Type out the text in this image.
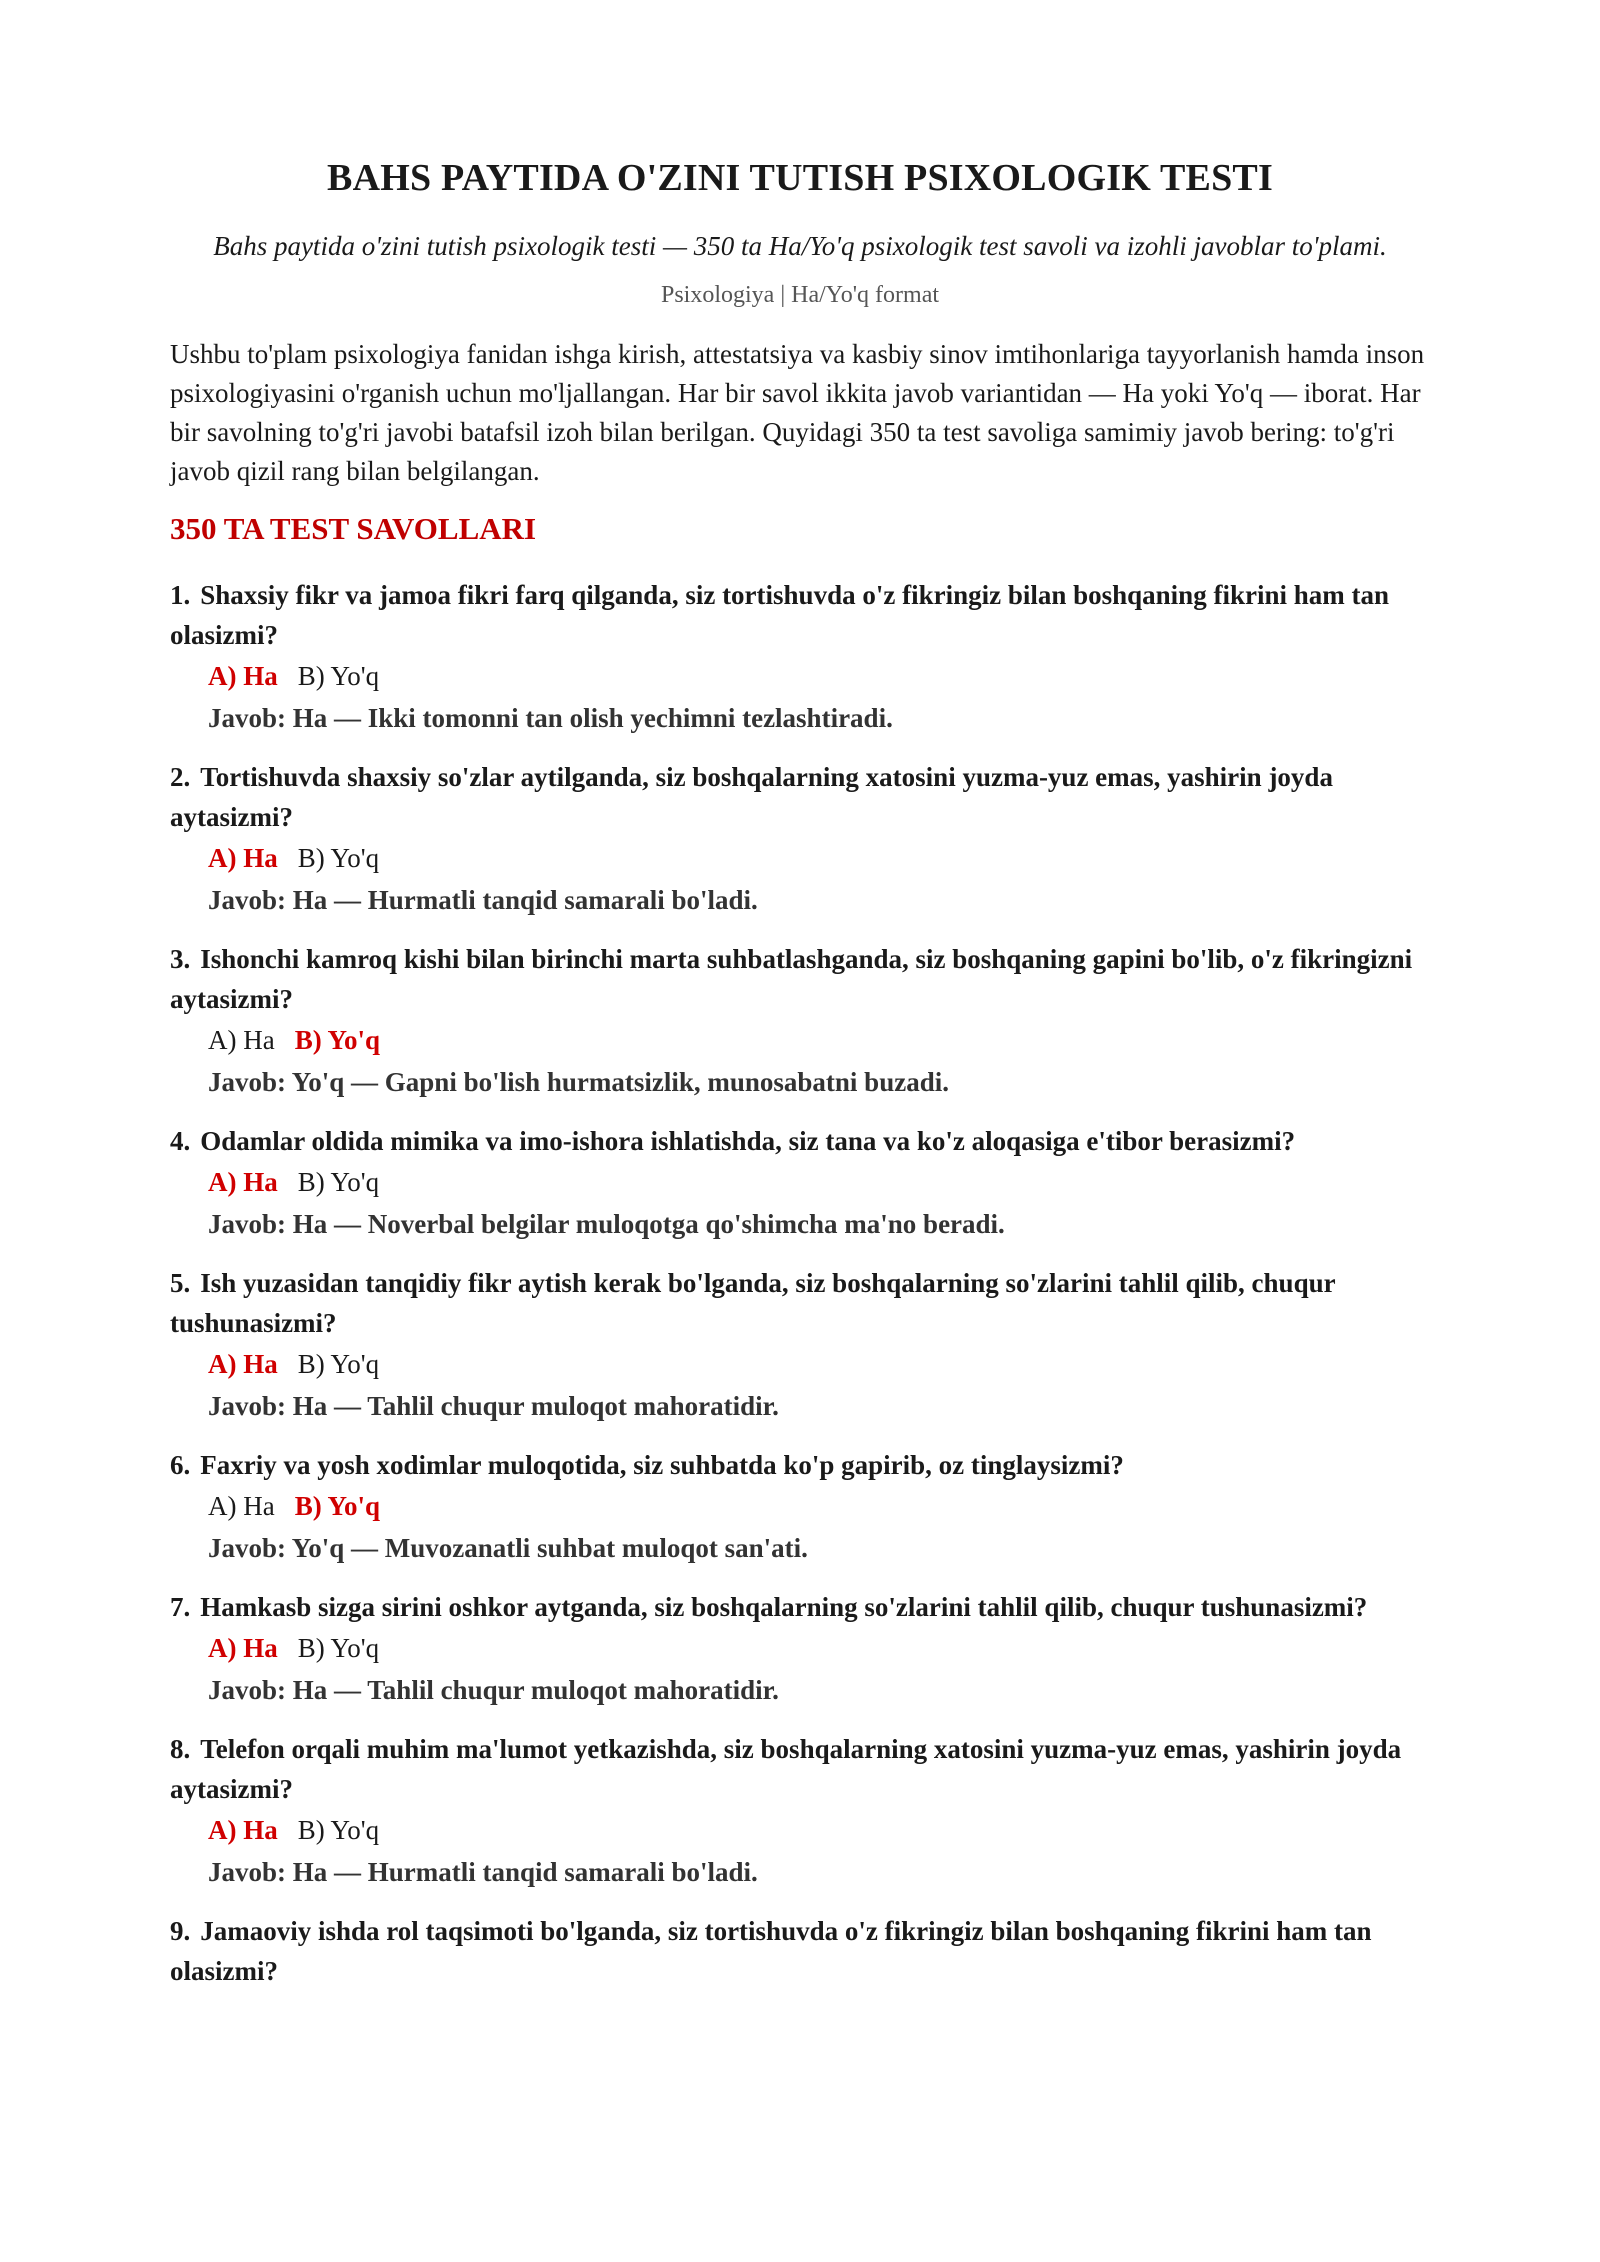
BAHS PAYTIDA O'ZINI TUTISH PSIXOLOGIK TESTI
Bahs paytida o'zini tutish psixologik testi — 350 ta Ha/Yo'q psixologik test savoli va izohli javoblar to'plami.
Psixologiya | Ha/Yo'q format
Ushbu to'plam psixologiya fanidan ishga kirish, attestatsiya va kasbiy sinov imtihonlariga tayyorlanish hamda inson psixologiyasini o'rganish uchun mo'ljallangan. Har bir savol ikkita javob variantidan — Ha yoki Yo'q — iborat. Har bir savolning to'g'ri javobi batafsil izoh bilan berilgan. Quyidagi 350 ta test savoliga samimiy javob bering: to'g'ri javob qizil rang bilan belgilangan.
350 TA TEST SAVOLLARI
1. Shaxsiy fikr va jamoa fikri farq qilganda, siz tortishuvda o'z fikringiz bilan boshqaning fikrini ham tan olasizmi?
A) Ha B) Yo'q
Javob: Ha — Ikki tomonni tan olish yechimni tezlashtiradi.
2. Tortishuvda shaxsiy so'zlar aytilganda, siz boshqalarning xatosini yuzma-yuz emas, yashirin joyda aytasizmi?
A) Ha B) Yo'q
Javob: Ha — Hurmatli tanqid samarali bo'ladi.
3. Ishonchi kamroq kishi bilan birinchi marta suhbatlashganda, siz boshqaning gapini bo'lib, o'z fikringizni aytasizmi?
A) Ha B) Yo'q
Javob: Yo'q — Gapni bo'lish hurmatsizlik, munosabatni buzadi.
4. Odamlar oldida mimika va imo-ishora ishlatishda, siz tana va ko'z aloqasiga e'tibor berasizmi?
A) Ha B) Yo'q
Javob: Ha — Noverbal belgilar muloqotga qo'shimcha ma'no beradi.
5. Ish yuzasidan tanqidiy fikr aytish kerak bo'lganda, siz boshqalarning so'zlarini tahlil qilib, chuqur tushunasizmi?
A) Ha B) Yo'q
Javob: Ha — Tahlil chuqur muloqot mahoratidir.
6. Faxriy va yosh xodimlar muloqotida, siz suhbatda ko'p gapirib, oz tinglaysizmi?
A) Ha B) Yo'q
Javob: Yo'q — Muvozanatli suhbat muloqot san'ati.
7. Hamkasb sizga sirini oshkor aytganda, siz boshqalarning so'zlarini tahlil qilib, chuqur tushunasizmi?
A) Ha B) Yo'q
Javob: Ha — Tahlil chuqur muloqot mahoratidir.
8. Telefon orqali muhim ma'lumot yetkazishda, siz boshqalarning xatosini yuzma-yuz emas, yashirin joyda aytasizmi?
A) Ha B) Yo'q
Javob: Ha — Hurmatli tanqid samarali bo'ladi.
9. Jamaoviy ishda rol taqsimoti bo'lganda, siz tortishuvda o'z fikringiz bilan boshqaning fikrini ham tan olasizmi?
